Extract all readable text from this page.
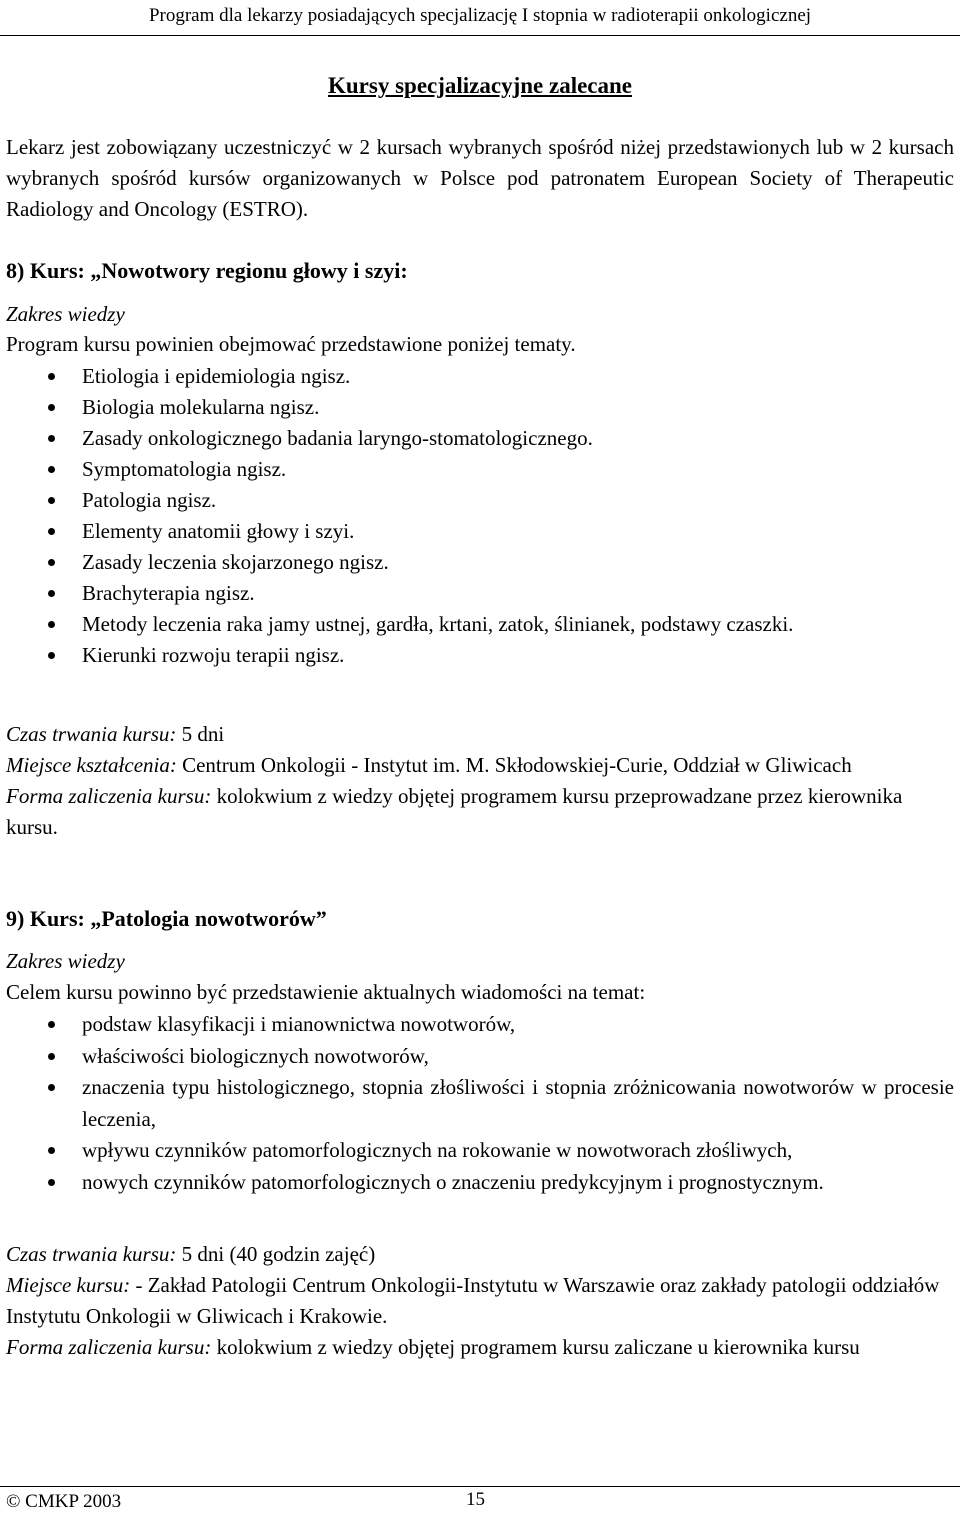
Program dla lekarzy posiadających specjalizację I stopnia w radioterapii onkologicznej
Kursy specjalizacyjne zalecane
Lekarz jest zobowiązany uczestniczyć w 2 kursach wybranych spośród niżej przedstawionych lub w 2 kursach wybranych spośród kursów organizowanych w Polsce pod patronatem European Society of Therapeutic Radiology and Oncology (ESTRO).
8) Kurs: „Nowotwory regionu głowy i szyi:
Zakres wiedzy
Program kursu powinien obejmować przedstawione poniżej tematy.
Etiologia i epidemiologia ngisz.
Biologia molekularna ngisz.
Zasady onkologicznego badania laryngo-stomatologicznego.
Symptomatologia ngisz.
Patologia ngisz.
Elementy anatomii głowy i szyi.
Zasady leczenia skojarzonego ngisz.
Brachyterapia ngisz.
Metody leczenia raka jamy ustnej, gardła, krtani, zatok, ślinianek, podstawy czaszki.
Kierunki rozwoju terapii ngisz.
Czas trwania kursu: 5 dni
Miejsce kształcenia: Centrum Onkologii - Instytut im. M. Skłodowskiej-Curie, Oddział w Gliwicach
Forma zaliczenia kursu: kolokwium z wiedzy objętej programem kursu przeprowadzane przez kierownika kursu.
9) Kurs: „Patologia nowotworów”
Zakres wiedzy
Celem kursu powinno być przedstawienie aktualnych wiadomości na temat:
podstaw klasyfikacji i mianownictwa nowotworów,
właściwości biologicznych nowotworów,
znaczenia typu histologicznego, stopnia złośliwości i stopnia zróżnicowania nowotworów w procesie leczenia,
wpływu czynników patomorfologicznych na rokowanie w nowotworach złośliwych,
nowych czynników patomorfologicznych o znaczeniu predykcyjnym i prognostycznym.
Czas trwania kursu: 5 dni (40 godzin zajęć)
Miejsce kursu: - Zakład Patologii Centrum Onkologii-Instytutu w Warszawie oraz zakłady patologii oddziałów Instytutu Onkologii w Gliwicach i Krakowie.
Forma zaliczenia kursu: kolokwium z wiedzy objętej programem kursu zaliczane u kierownika kursu
© CMKP 2003	15
